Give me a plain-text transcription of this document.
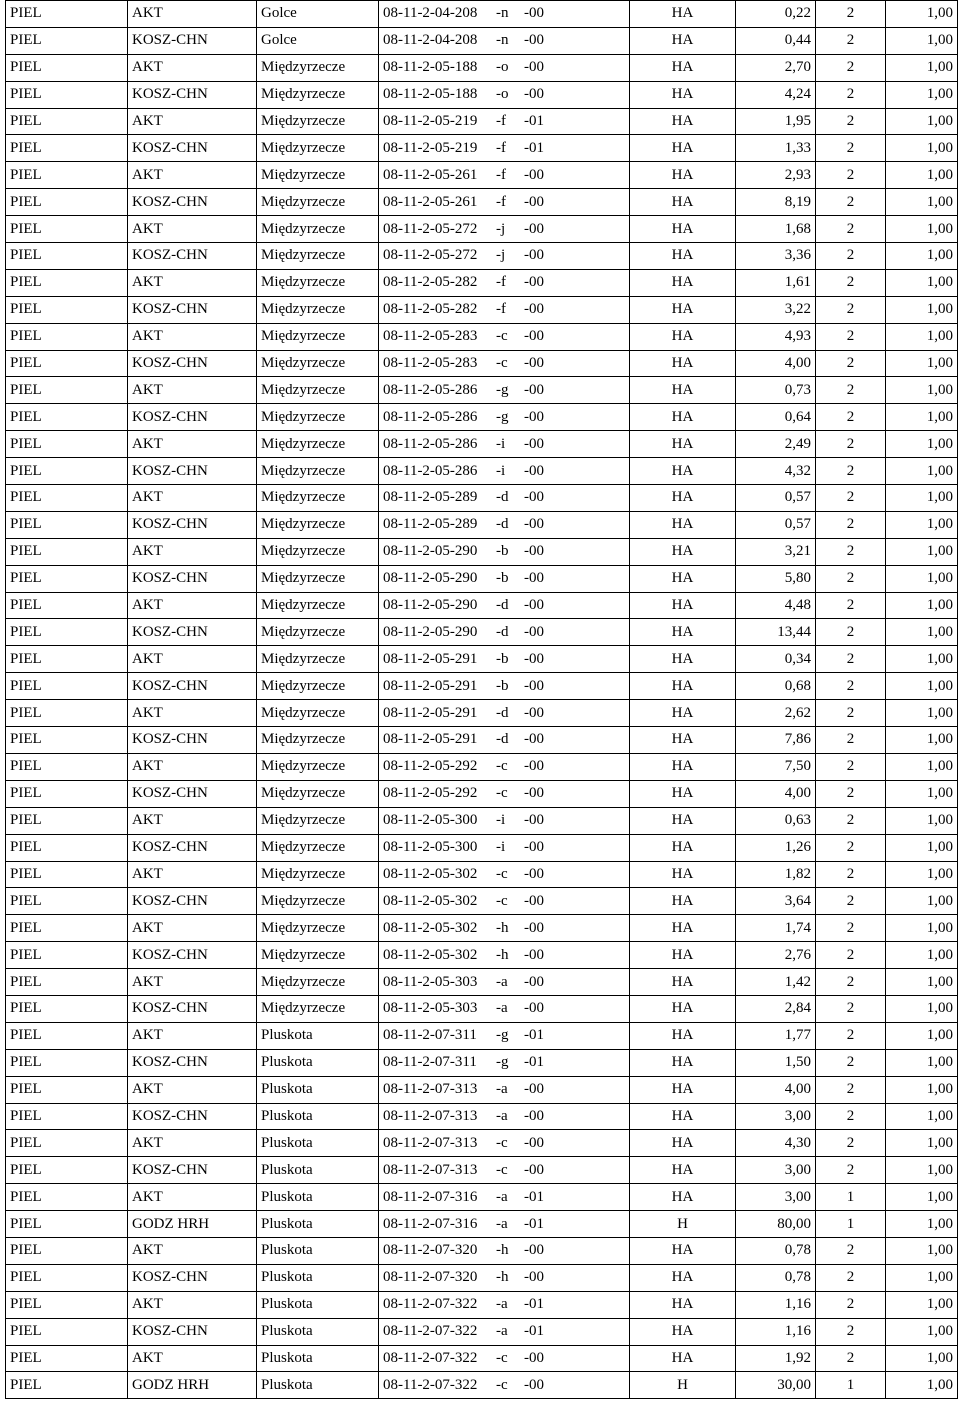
PIEL	AKT	Golce	08-11-2-04-208 -n -00	HA	0,22	2	1,00	
PIEL	KOSZ-CHN	Golce	08-11-2-04-208 -n -00	HA	0,44	2	1,00	
PIEL	AKT	Międzyrzecze	08-11-2-05-188 -o -00	HA	2,70	2	1,00	
PIEL	KOSZ-CHN	Międzyrzecze	08-11-2-05-188 -o -00	HA	4,24	2	1,00	
PIEL	AKT	Międzyrzecze	08-11-2-05-219 -f -01	HA	1,95	2	1,00	
PIEL	KOSZ-CHN	Międzyrzecze	08-11-2-05-219 -f -01	HA	1,33	2	1,00	
PIEL	AKT	Międzyrzecze	08-11-2-05-261 -f -00	HA	2,93	2	1,00	
PIEL	KOSZ-CHN	Międzyrzecze	08-11-2-05-261 -f -00	HA	8,19	2	1,00	
PIEL	AKT	Międzyrzecze	08-11-2-05-272 -j -00	HA	1,68	2	1,00	
PIEL	KOSZ-CHN	Międzyrzecze	08-11-2-05-272 -j -00	HA	3,36	2	1,00	
PIEL	AKT	Międzyrzecze	08-11-2-05-282 -f -00	HA	1,61	2	1,00	
PIEL	KOSZ-CHN	Międzyrzecze	08-11-2-05-282 -f -00	HA	3,22	2	1,00	
PIEL	AKT	Międzyrzecze	08-11-2-05-283 -c -00	HA	4,93	2	1,00	
PIEL	KOSZ-CHN	Międzyrzecze	08-11-2-05-283 -c -00	HA	4,00	2	1,00	
PIEL	AKT	Międzyrzecze	08-11-2-05-286 -g -00	HA	0,73	2	1,00	
PIEL	KOSZ-CHN	Międzyrzecze	08-11-2-05-286 -g -00	HA	0,64	2	1,00	
PIEL	AKT	Międzyrzecze	08-11-2-05-286 -i -00	HA	2,49	2	1,00	
PIEL	KOSZ-CHN	Międzyrzecze	08-11-2-05-286 -i -00	HA	4,32	2	1,00	
PIEL	AKT	Międzyrzecze	08-11-2-05-289 -d -00	HA	0,57	2	1,00	
PIEL	KOSZ-CHN	Międzyrzecze	08-11-2-05-289 -d -00	HA	0,57	2	1,00	
PIEL	AKT	Międzyrzecze	08-11-2-05-290 -b -00	HA	3,21	2	1,00	
PIEL	KOSZ-CHN	Międzyrzecze	08-11-2-05-290 -b -00	HA	5,80	2	1,00	
PIEL	AKT	Międzyrzecze	08-11-2-05-290 -d -00	HA	4,48	2	1,00	
PIEL	KOSZ-CHN	Międzyrzecze	08-11-2-05-290 -d -00	HA	13,44	2	1,00	
PIEL	AKT	Międzyrzecze	08-11-2-05-291 -b -00	HA	0,34	2	1,00	
PIEL	KOSZ-CHN	Międzyrzecze	08-11-2-05-291 -b -00	HA	0,68	2	1,00	
PIEL	AKT	Międzyrzecze	08-11-2-05-291 -d -00	HA	2,62	2	1,00	
PIEL	KOSZ-CHN	Międzyrzecze	08-11-2-05-291 -d -00	HA	7,86	2	1,00	
PIEL	AKT	Międzyrzecze	08-11-2-05-292 -c -00	HA	7,50	2	1,00	
PIEL	KOSZ-CHN	Międzyrzecze	08-11-2-05-292 -c -00	HA	4,00	2	1,00	
PIEL	AKT	Międzyrzecze	08-11-2-05-300 -i -00	HA	0,63	2	1,00	
PIEL	KOSZ-CHN	Międzyrzecze	08-11-2-05-300 -i -00	HA	1,26	2	1,00	
PIEL	AKT	Międzyrzecze	08-11-2-05-302 -c -00	HA	1,82	2	1,00	
PIEL	KOSZ-CHN	Międzyrzecze	08-11-2-05-302 -c -00	HA	3,64	2	1,00	
PIEL	AKT	Międzyrzecze	08-11-2-05-302 -h -00	HA	1,74	2	1,00	
PIEL	KOSZ-CHN	Międzyrzecze	08-11-2-05-302 -h -00	HA	2,76	2	1,00	
PIEL	AKT	Międzyrzecze	08-11-2-05-303 -a -00	HA	1,42	2	1,00	
PIEL	KOSZ-CHN	Międzyrzecze	08-11-2-05-303 -a -00	HA	2,84	2	1,00	
PIEL	AKT	Pluskota	08-11-2-07-311 -g -01	HA	1,77	2	1,00	
PIEL	KOSZ-CHN	Pluskota	08-11-2-07-311 -g -01	HA	1,50	2	1,00	
PIEL	AKT	Pluskota	08-11-2-07-313 -a -00	HA	4,00	2	1,00	
PIEL	KOSZ-CHN	Pluskota	08-11-2-07-313 -a -00	HA	3,00	2	1,00	
PIEL	AKT	Pluskota	08-11-2-07-313 -c -00	HA	4,30	2	1,00	
PIEL	KOSZ-CHN	Pluskota	08-11-2-07-313 -c -00	HA	3,00	2	1,00	
PIEL	AKT	Pluskota	08-11-2-07-316 -a -01	HA	3,00	1	1,00	
PIEL	GODZ HRH	Pluskota	08-11-2-07-316 -a -01	H	80,00	1	1,00	
PIEL	AKT	Pluskota	08-11-2-07-320 -h -00	HA	0,78	2	1,00	
PIEL	KOSZ-CHN	Pluskota	08-11-2-07-320 -h -00	HA	0,78	2	1,00	
PIEL	AKT	Pluskota	08-11-2-07-322 -a -01	HA	1,16	2	1,00	
PIEL	KOSZ-CHN	Pluskota	08-11-2-07-322 -a -01	HA	1,16	2	1,00	
PIEL	AKT	Pluskota	08-11-2-07-322 -c -00	HA	1,92	2	1,00	
PIEL	GODZ HRH	Pluskota	08-11-2-07-322 -c -00	H	30,00	1	1,00	
